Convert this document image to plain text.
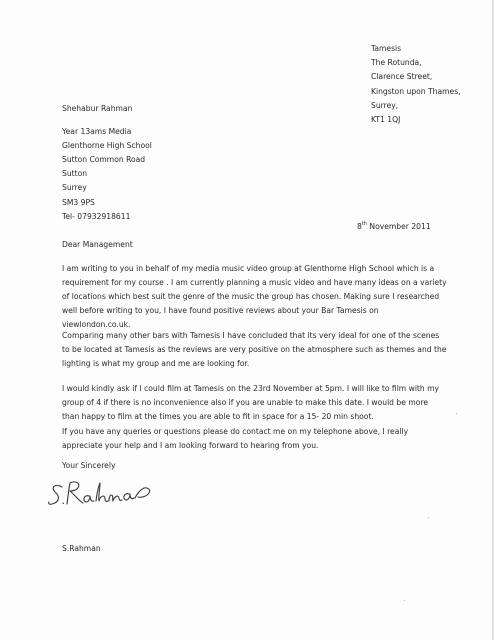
Tamesis
The Rotunda,
Clarence Street,
Kingston upon Thames,
Surrey,
KT1 1QJ
Shehabur Rahman
Year 13ams Media
Glenthorne High School
Sutton Common Road
Sutton
Surrey
SM3 9PS
Tel- 07932918611
8th November 2011
Dear Management
I am writing to you in behalf of my media music video group at Glenthorne High School which is a
requirement for my course . I am currently planning a music video and have many ideas on a variety
of locations which best suit the genre of the music the group has chosen. Making sure I researched
well before writing to you, I have found positive reviews about your Bar Tamesis on
viewlondon.co.uk.
Comparing many other bars with Tamesis I have concluded that its very ideal for one of the scenes
to be located at Tamesis as the reviews are very positive on the atmosphere such as themes and the
lighting is what my group and me are looking for.
I would kindly ask if I could film at Tamesis on the 23rd November at 5pm. I will like to film with my
group of 4 if there is no inconvenience also if you are unable to make this date. I would be more
than happy to film at the times you are able to fit in space for a 15- 20 min shoot.
If you have any queries or questions please do contact me on my telephone above, I really
appreciate your help and I am looking forward to hearing from you.
Your Sincerely
S.Rahman
